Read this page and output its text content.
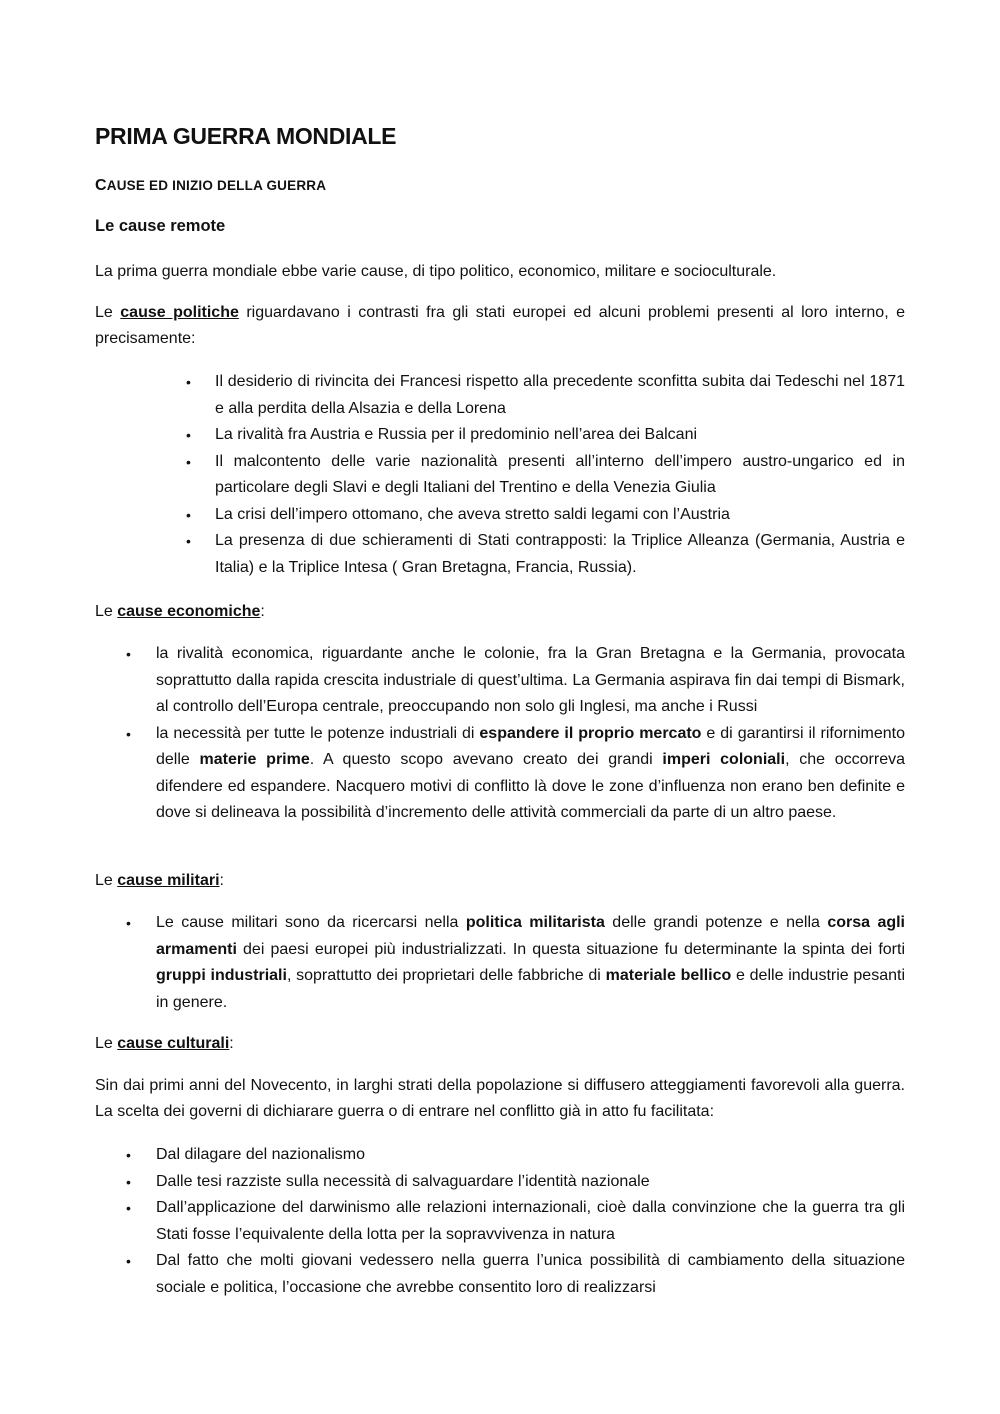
PRIMA GUERRA MONDIALE
CAUSE ED INIZIO DELLA GUERRA
Le cause remote

La prima guerra mondiale ebbe varie cause, di tipo politico, economico, militare e socioculturale.

Le cause politiche riguardavano i contrasti fra gli stati europei ed alcuni problemi presenti al loro interno, e precisamente:

• Il desiderio di rivincita dei Francesi rispetto alla precedente sconfitta subita dai Tedeschi nel 1871 e alla perdita della Alsazia e della Lorena
• La rivalità fra Austria e Russia per il predominio nell’area dei Balcani
• Il malcontento delle varie nazionalità presenti all’interno dell’impero austro-ungarico ed in particolare degli Slavi e degli Italiani del Trentino e della Venezia Giulia
• La crisi dell’impero ottomano, che aveva stretto saldi legami con l’Austria
• La presenza di due schieramenti di Stati contrapposti: la Triplice Alleanza (Germania, Austria e Italia) e la Triplice Intesa ( Gran Bretagna, Francia, Russia).
Le cause economiche:
• la rivalità economica, riguardante anche le colonie, fra la Gran Bretagna e la Germania, provocata soprattutto dalla rapida crescita industriale di quest’ultima. La Germania aspirava fin dai tempi di Bismark, al controllo dell’Europa centrale, preoccupando non solo gli Inglesi, ma anche i Russi
• la necessità per tutte le potenze industriali di espandere il proprio mercato e di garantirsi il rifornimento delle materie prime. A questo scopo avevano creato dei grandi imperi coloniali, che occorreva difendere ed espandere. Nacquero motivi di conflitto là dove le zone d’influenza non erano ben definite e dove si delineava la possibilità d’incremento delle attività commerciali da parte di un altro paese.
Le cause militari:
• Le cause militari sono da ricercarsi nella politica militarista delle grandi potenze e nella corsa agli armamenti dei paesi europei più industrializzati. In questa situazione fu determinante la spinta dei forti gruppi industriali, soprattutto dei proprietari delle fabbriche di materiale bellico e delle industrie pesanti in genere.
Le cause culturali:

Sin dai primi anni del Novecento, in larghi strati della popolazione si diffusero atteggiamenti favorevoli alla guerra. La scelta dei governi di dichiarare guerra o di entrare nel conflitto già in atto fu facilitata:

• Dal dilagare del nazionalismo
• Dalle tesi razziste sulla necessità di salvaguardare l’identità nazionale
• Dall’applicazione del darwinismo alle relazioni internazionali, cioè dalla convinzione che la guerra tra gli Stati fosse l’equivalente della lotta per la sopravvivenza in natura
• Dal fatto che molti giovani vedessero nella guerra l’unica possibilità di cambiamento della situazione sociale e politica, l’occasione che avrebbe consentito loro di realizzarsi
